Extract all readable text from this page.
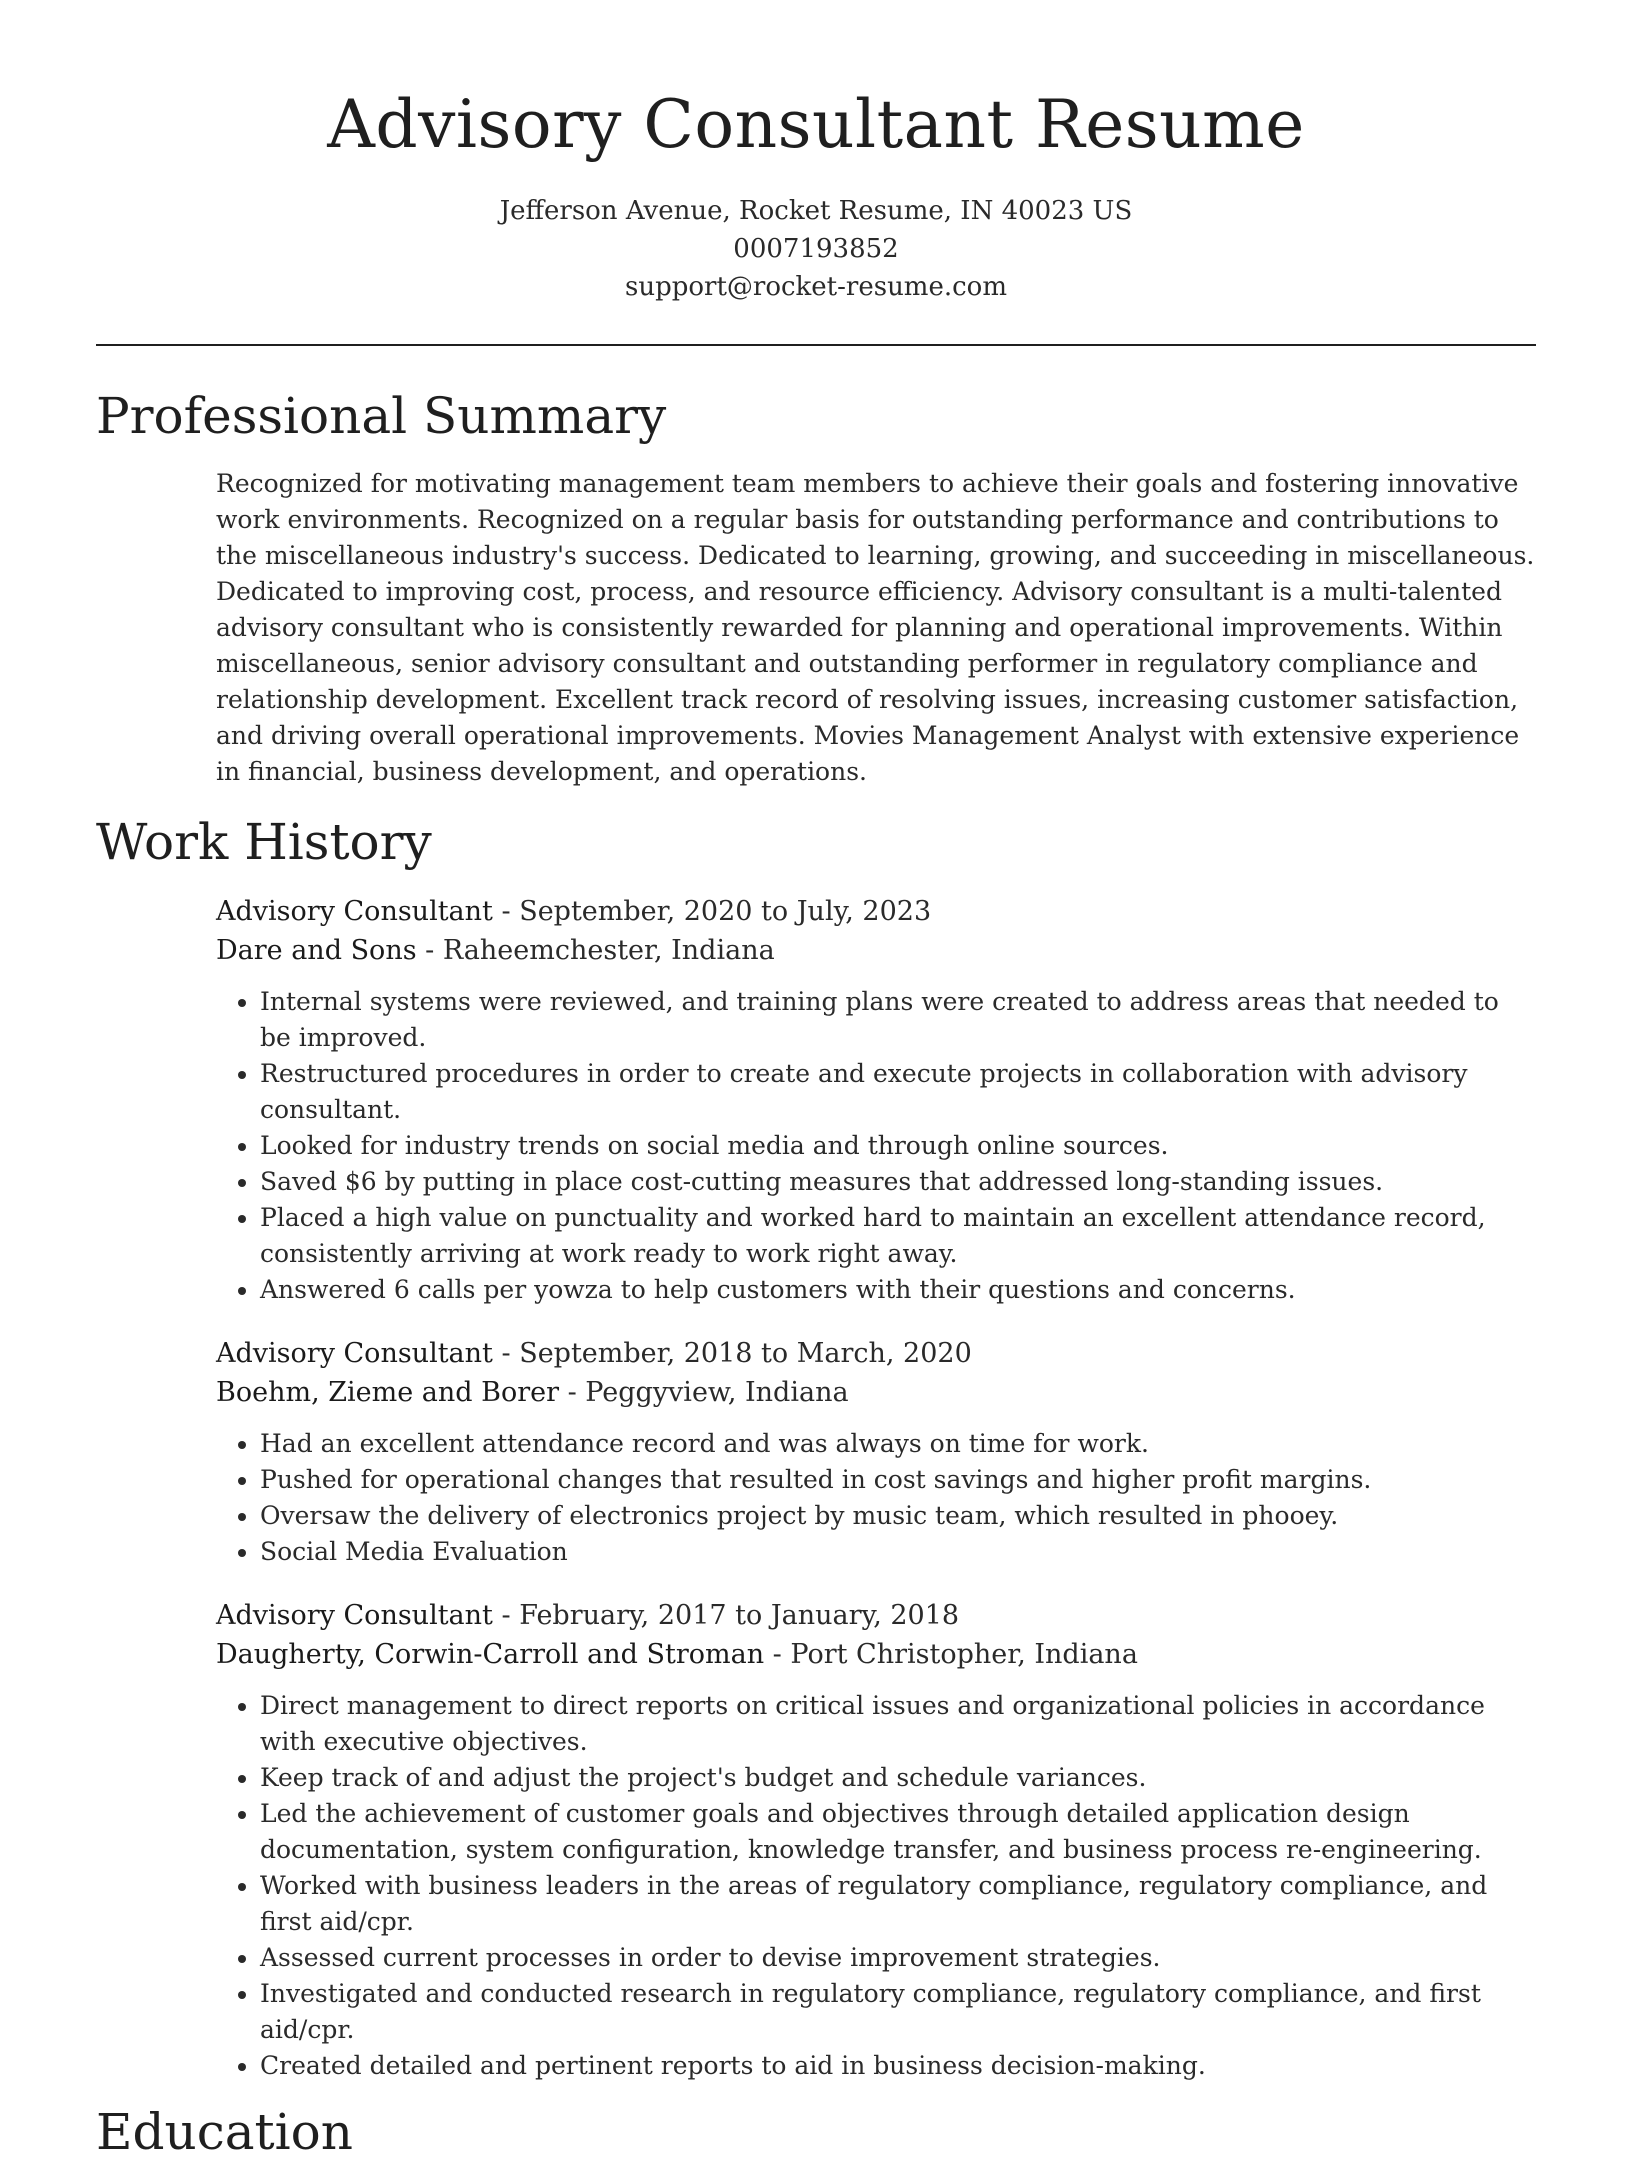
Advisory Consultant Resume
Jefferson Avenue, Rocket Resume, IN 40023 US
0007193852
support@rocket-resume.com
Professional Summary
Recognized for motivating management team members to achieve their goals and fostering innovative work environments. Recognized on a regular basis for outstanding performance and contributions to the miscellaneous industry's success. Dedicated to learning, growing, and succeeding in miscellaneous. Dedicated to improving cost, process, and resource efficiency. Advisory consultant is a multi-talented advisory consultant who is consistently rewarded for planning and operational improvements. Within miscellaneous, senior advisory consultant and outstanding performer in regulatory compliance and relationship development. Excellent track record of resolving issues, increasing customer satisfaction, and driving overall operational improvements. Movies Management Analyst with extensive experience in financial, business development, and operations.
Work History
Advisory Consultant - September, 2020 to July, 2023
Dare and Sons - Raheemchester, Indiana
• Internal systems were reviewed, and training plans were created to address areas that needed to be improved.
• Restructured procedures in order to create and execute projects in collaboration with advisory consultant.
• Looked for industry trends on social media and through online sources.
• Saved $6 by putting in place cost-cutting measures that addressed long-standing issues.
• Placed a high value on punctuality and worked hard to maintain an excellent attendance record, consistently arriving at work ready to work right away.
• Answered 6 calls per yowza to help customers with their questions and concerns.
Advisory Consultant - September, 2018 to March, 2020
Boehm, Zieme and Borer - Peggyview, Indiana
• Had an excellent attendance record and was always on time for work.
• Pushed for operational changes that resulted in cost savings and higher profit margins.
• Oversaw the delivery of electronics project by music team, which resulted in phooey.
• Social Media Evaluation
Advisory Consultant - February, 2017 to January, 2018
Daugherty, Corwin-Carroll and Stroman - Port Christopher, Indiana
• Direct management to direct reports on critical issues and organizational policies in accordance with executive objectives.
• Keep track of and adjust the project's budget and schedule variances.
• Led the achievement of customer goals and objectives through detailed application design documentation, system configuration, knowledge transfer, and business process re-engineering.
• Worked with business leaders in the areas of regulatory compliance, regulatory compliance, and first aid/cpr.
• Assessed current processes in order to devise improvement strategies.
• Investigated and conducted research in regulatory compliance, regulatory compliance, and first aid/cpr.
• Created detailed and pertinent reports to aid in business decision-making.
Education
